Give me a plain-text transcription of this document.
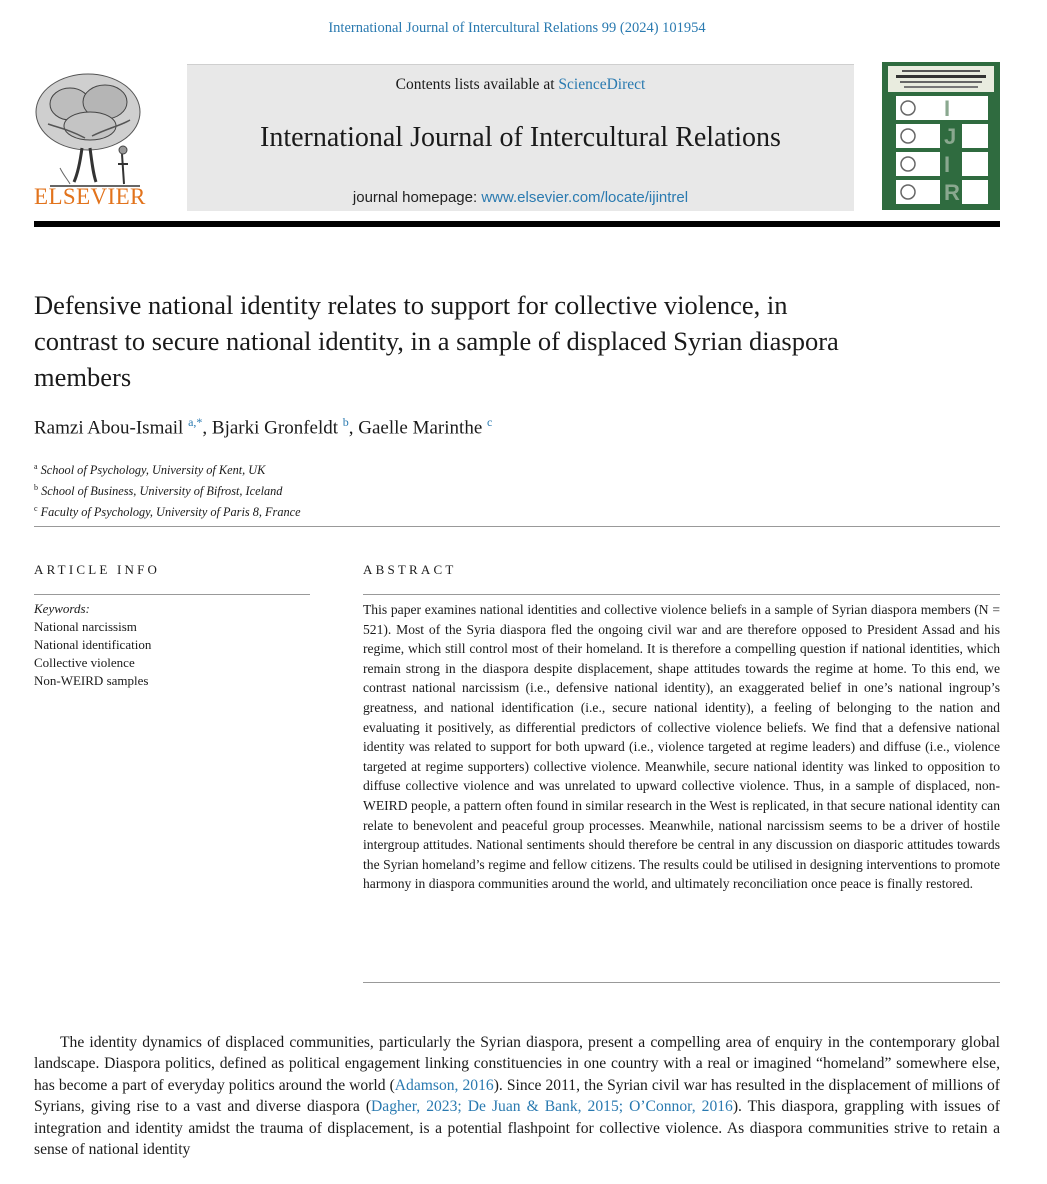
International Journal of Intercultural Relations 99 (2024) 101954
ELSEVIER
Contents lists available at ScienceDirect
International Journal of Intercultural Relations
journal homepage: www.elsevier.com/locate/ijintrel
I
J
I
R
Defensive national identity relates to support for collective violence, in contrast to secure national identity, in a sample of displaced Syrian diaspora members
Ramzi Abou-Ismail $^{a,*}$, Bjarki Gronfeldt $^b$, Gaelle Marinthe $^c$
$^a$ School of Psychology, University of Kent, UK
$^b$ School of Business, University of Bifrost, Iceland
$^c$ Faculty of Psychology, University of Paris 8, France
ARTICLE INFO	ABSTRACT
Keywords:
National narcissism
National identification
Collective violence
Non-WEIRD samples

This paper examines national identities and collective violence beliefs in a sample of Syrian diaspora members (N = 521). Most of the Syria diaspora fled the ongoing civil war and are therefore opposed to President Assad and his regime, which still control most of their homeland. It is therefore a compelling question if national identities, which remain strong in the diaspora despite displacement, shape attitudes towards the regime at home. To this end, we contrast national narcissism (i.e., defensive national identity), an exaggerated belief in one’s national ingroup’s greatness, and national identification (i.e., secure national identity), a feeling of belonging to the nation and evaluating it positively, as differential predictors of collective violence beliefs. We find that a defensive national identity was related to support for both upward (i.e., violence targeted at regime leaders) and diffuse (i.e., violence targeted at regime supporters) collective violence. Meanwhile, secure national identity was linked to opposition to diffuse collective violence and was unrelated to upward collective violence. Thus, in a sample of displaced, non-WEIRD people, a pattern often found in similar research in the West is replicated, in that secure national identity can relate to benevolent and peaceful group processes. Meanwhile, national narcissism seems to be a driver of hostile intergroup attitudes. National sentiments should therefore be central in any discussion on diasporic attitudes towards the Syrian homeland’s regime and fellow citizens. The results could be utilised in designing interventions to promote harmony in diaspora communities around the world, and ultimately reconciliation once peace is finally restored.

The identity dynamics of displaced communities, particularly the Syrian diaspora, present a compelling area of enquiry in the contemporary global landscape. Diaspora politics, defined as political engagement linking constituencies in one country with a real or imagined “homeland” somewhere else, has become a part of everyday politics around the world (Adamson, 2016). Since 2011, the Syrian civil war has resulted in the displacement of millions of Syrians, giving rise to a vast and diverse diaspora (Dagher, 2023; De Juan & Bank, 2015; O’Connor, 2016). This diaspora, grappling with issues of integration and identity amidst the trauma of displacement, is a potential flashpoint for collective violence. As diaspora communities strive to retain a sense of national identity
